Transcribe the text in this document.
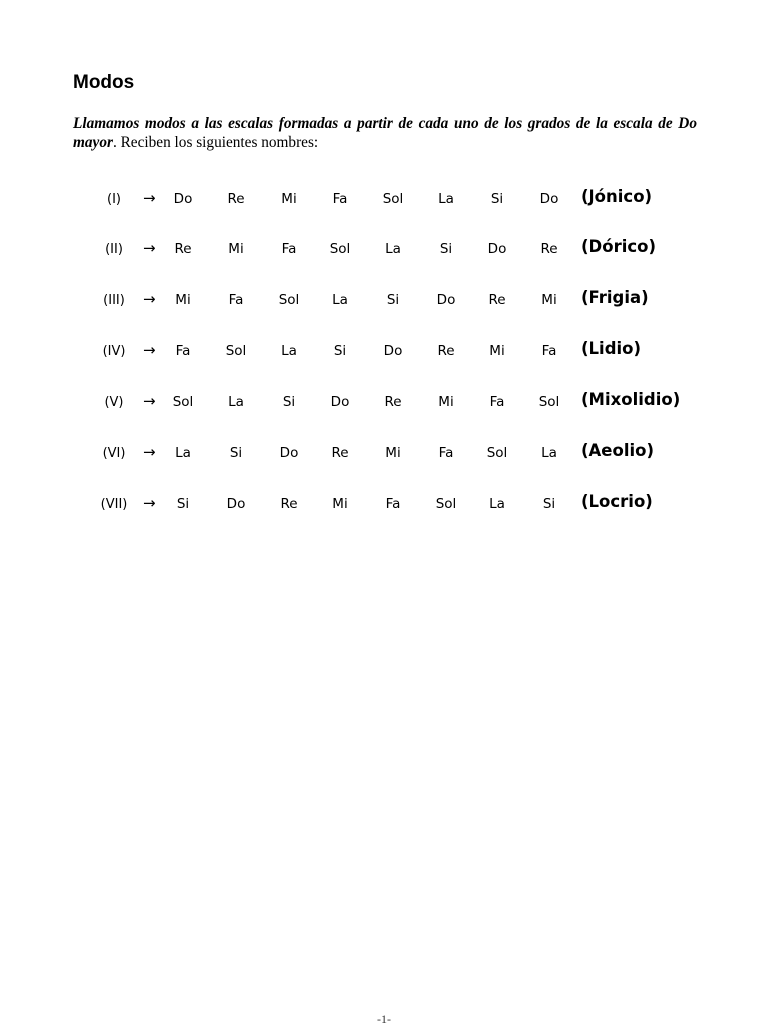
Modos

Llamamos modos a las escalas formadas a partir de cada uno de los grados de la escala de Do mayor. Reciben los siguientes nombres:

(I)	→	Do	Re	Mi	Fa	Sol	La	Si	Do	(Jónico)
(II)	→	Re	Mi	Fa	Sol	La	Si	Do	Re	(Dórico)
(III)	→	Mi	Fa	Sol	La	Si	Do	Re	Mi	(Frigia)
(IV)	→	Fa	Sol	La	Si	Do	Re	Mi	Fa	(Lidio)
(V)	→	Sol	La	Si	Do	Re	Mi	Fa	Sol	(Mixolidio)
(VI)	→	La	Si	Do	Re	Mi	Fa	Sol	La	(Aeolio)
(VII)	→	Si	Do	Re	Mi	Fa	Sol	La	Si	(Locrio)
-1-
